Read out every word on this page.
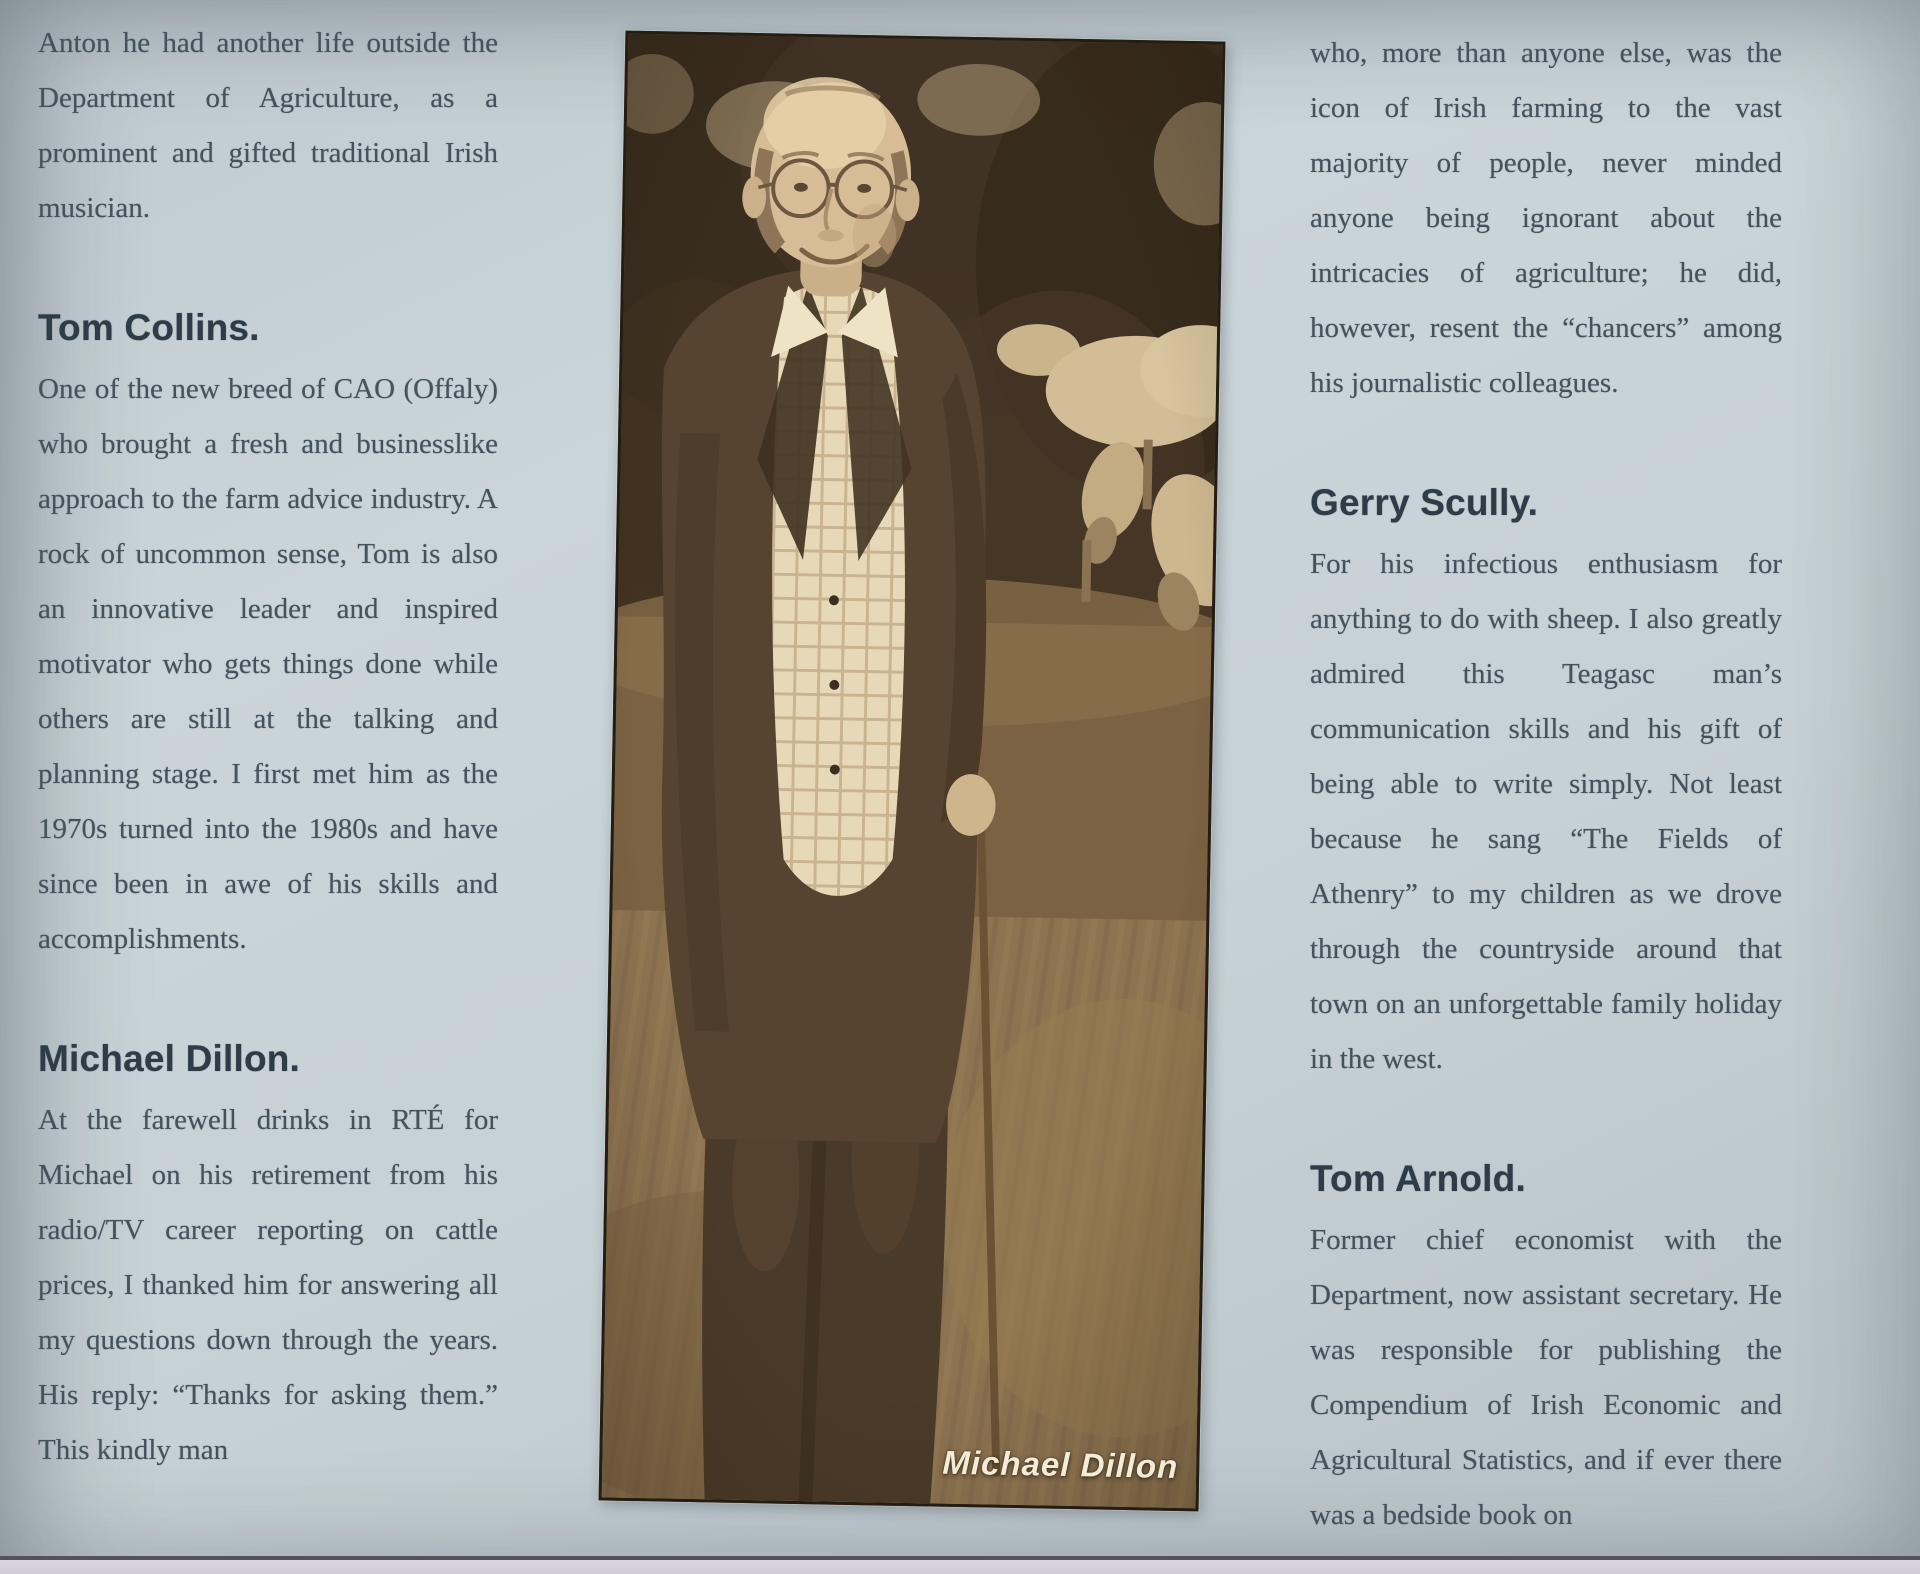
Anton he had another life outside the Department of Agriculture, as a prominent and gifted traditional Irish musician.

Tom Collins.

One of the new breed of CAO (Offaly) who brought a fresh and businesslike approach to the farm advice industry. A rock of uncommon sense, Tom is also an innovative leader and inspired motivator who gets things done while others are still at the talking and planning stage. I first met him as the 1970s turned into the 1980s and have since been in awe of his skills and accomplishments.

Michael Dillon.

At the farewell drinks in RTÉ for Michael on his retirement from his radio/TV career reporting on cattle prices, I thanked him for answering all my questions down through the years. His reply: “Thanks for asking them.” This kindly man	Michael Dillon

who, more than anyone else, was the icon of Irish farming to the vast majority of people, never minded anyone being ignorant about the intricacies of agriculture; he did, however, resent the “chancers” among his journalistic colleagues.

Gerry Scully.

For his infectious enthusiasm for anything to do with sheep. I also greatly admired this Teagasc man’s communication skills and his gift of being able to write simply. Not least because he sang “The Fields of Athenry” to my children as we drove through the countryside around that town on an unforgettable family holiday in the west.

Tom Arnold.

Former chief economist with the Department, now assistant secretary. He was responsible for publishing the Compendium of Irish Economic and Agricultural Statistics, and if ever there was a bedside book on
